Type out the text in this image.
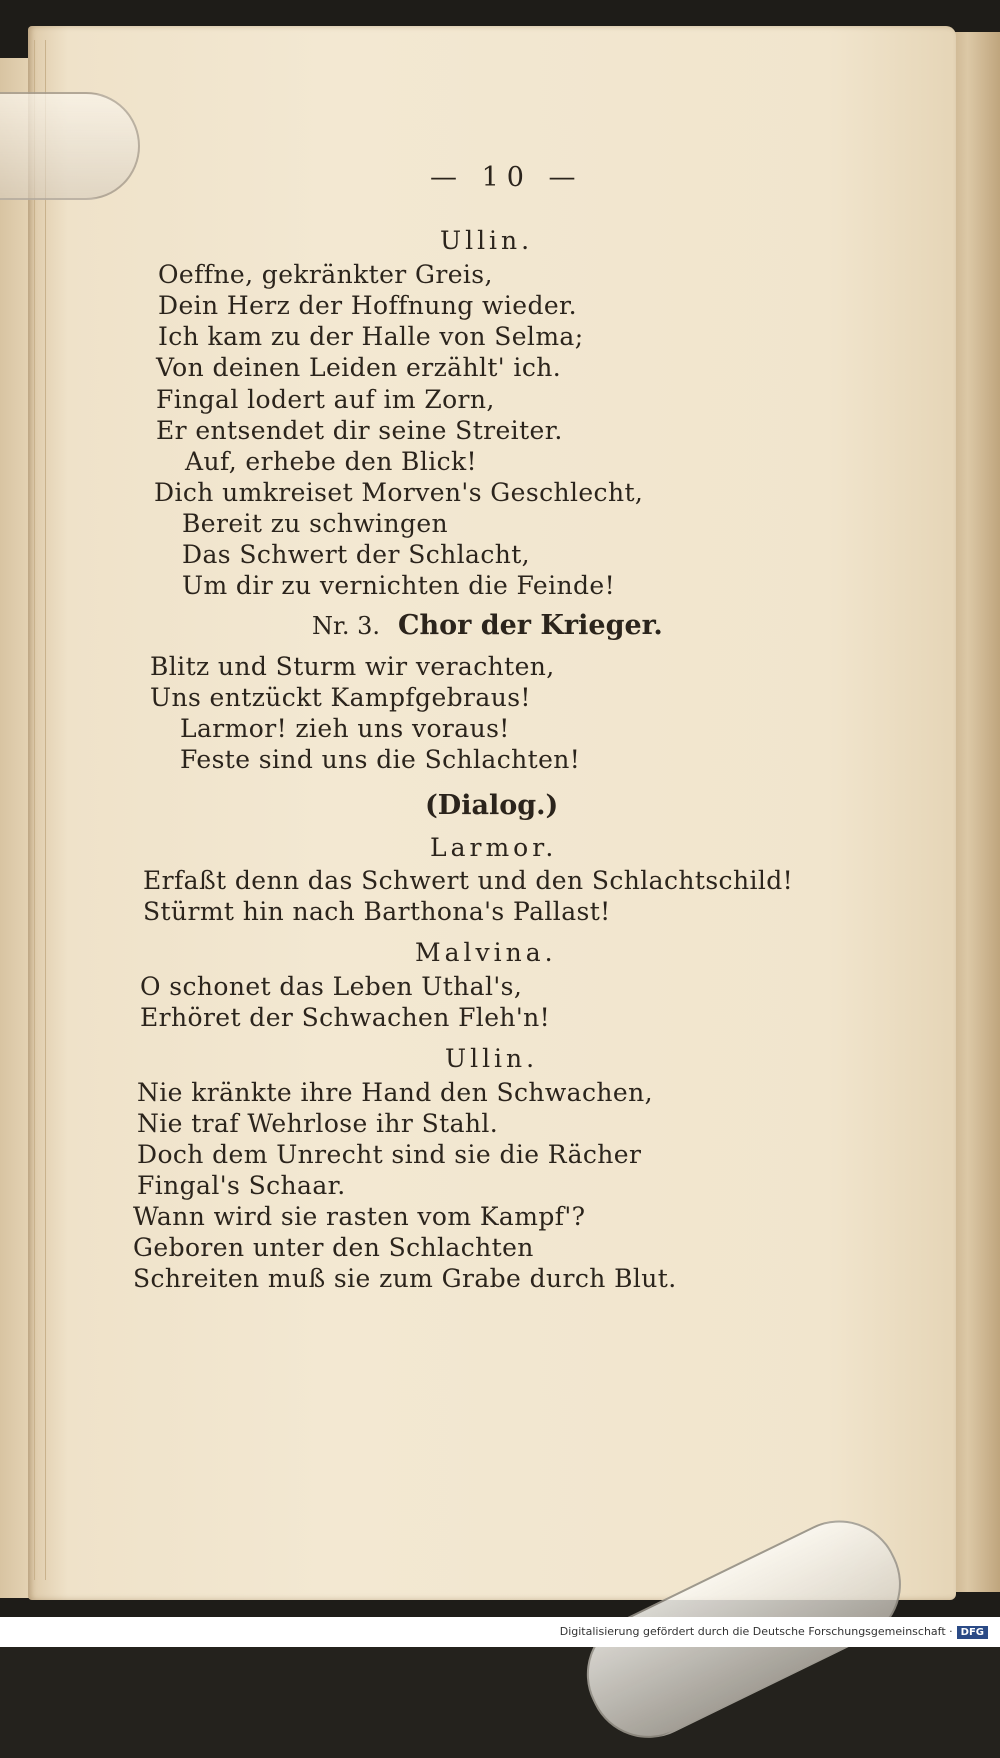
— 10 —
Ullin.
Oeffne, gekränkter Greis,
Dein Herz der Hoffnung wieder.
Ich kam zu der Halle von Selma;
Von deinen Leiden erzählt' ich.
Fingal lodert auf im Zorn,
Er entsendet dir seine Streiter.
Auf, erhebe den Blick!
Dich umkreiset Morven's Geschlecht,
Bereit zu schwingen
Das Schwert der Schlacht,
Um dir zu vernichten die Feinde!
Nr. 3. Chor der Krieger.
Blitz und Sturm wir verachten,
Uns entzückt Kampfgebraus!
Larmor! zieh uns voraus!
Feste sind uns die Schlachten!
(Dialog.)
Larmor.
Erfaßt denn das Schwert und den Schlachtschild!
Stürmt hin nach Barthona's Pallast!
Malvina.
O schonet das Leben Uthal's,
Erhöret der Schwachen Fleh'n!
Ullin.
Nie kränkte ihre Hand den Schwachen,
Nie traf Wehrlose ihr Stahl.
Doch dem Unrecht sind sie die Rächer
Fingal's Schaar.
Wann wird sie rasten vom Kampf'?
Geboren unter den Schlachten
Schreiten muß sie zum Grabe durch Blut.
Digitalisierung gefördert durch die Deutsche Forschungsgemeinschaft · DFG
